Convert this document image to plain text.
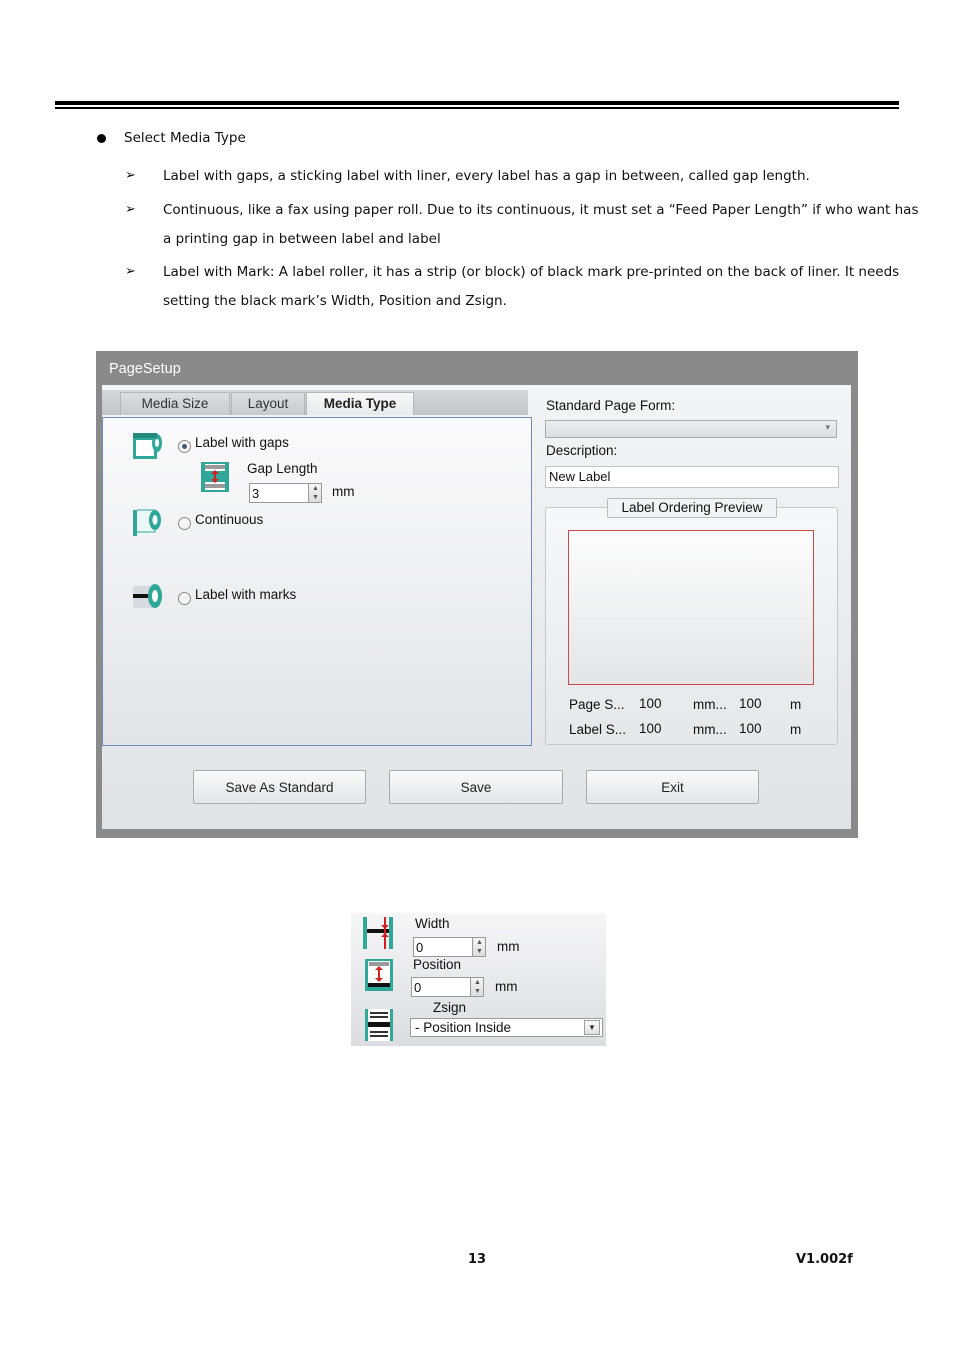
Select Media Type
➢ Label with gaps, a sticking label with liner, every label has a gap in between, called gap length.
➢ Continuous, like a fax using paper roll. Due to its continuous, it must set a “Feed Paper Length” if who want has
a printing gap in between label and label
➢ Label with Mark: A label roller, it has a strip (or block) of black mark pre-printed on the back of liner. It needs
setting the black mark’s Width, Position and Zsign.
PageSetup
Media Size	Layout	Media Type
Label with gaps
Gap Length
3	▲
▼ mm
Continuous
Label with marks
Standard Page Form:
▾
Description:
New Label
Label Ordering Preview
Page S... 100 mm... 100 m
Label S... 100 mm... 100 m
Save As Standard	Save	Exit
Width
0	▲
▼ mm
Position
0	▲
▼ mm
Zsign
- Position Inside	▼
13	V1.002f
